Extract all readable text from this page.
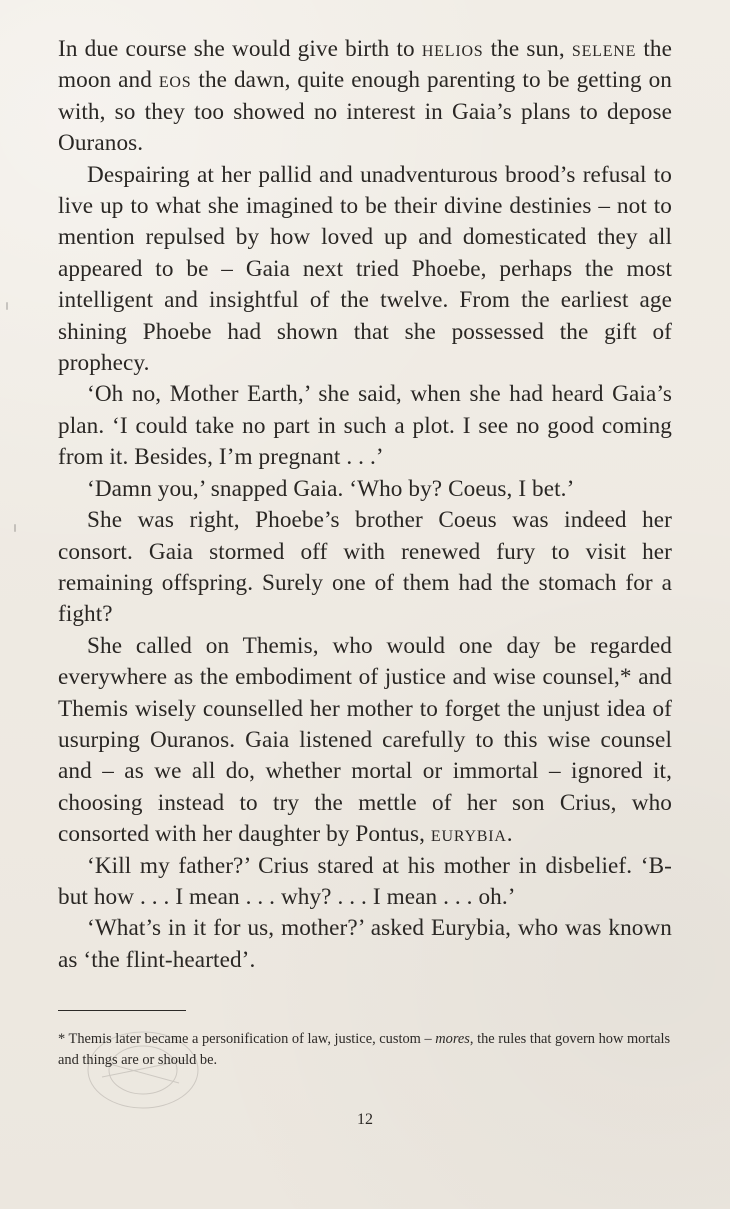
In due course she would give birth to helios the sun, selene the moon and eos the dawn, quite enough parenting to be getting on with, so they too showed no interest in Gaia’s plans to depose Ouranos.

Despairing at her pallid and unadventurous brood’s refusal to live up to what she imagined to be their divine destinies – not to mention repulsed by how loved up and domesticated they all appeared to be – Gaia next tried Phoebe, perhaps the most intelligent and insightful of the twelve. From the earliest age shining Phoebe had shown that she possessed the gift of prophecy.

‘Oh no, Mother Earth,’ she said, when she had heard Gaia’s plan. ‘I could take no part in such a plot. I see no good coming from it. Besides, I’m pregnant . . .’

‘Damn you,’ snapped Gaia. ‘Who by? Coeus, I bet.’

She was right, Phoebe’s brother Coeus was indeed her consort. Gaia stormed off with renewed fury to visit her remaining offspring. Surely one of them had the stomach for a fight?

She called on Themis, who would one day be regarded everywhere as the embodiment of justice and wise counsel,* and Themis wisely counselled her mother to forget the unjust idea of usurping Ouranos. Gaia listened carefully to this wise counsel and – as we all do, whether mortal or immortal – ignored it, choosing instead to try the mettle of her son Crius, who consorted with her daughter by Pontus, eurybia.

‘Kill my father?’ Crius stared at his mother in disbelief. ‘B-but how . . . I mean . . . why? . . . I mean . . . oh.’

‘What’s in it for us, mother?’ asked Eurybia, who was known as ‘the flint-hearted’.

* Themis later became a personification of law, justice, custom – mores, the rules that govern how mortals and things are or should be.
12
